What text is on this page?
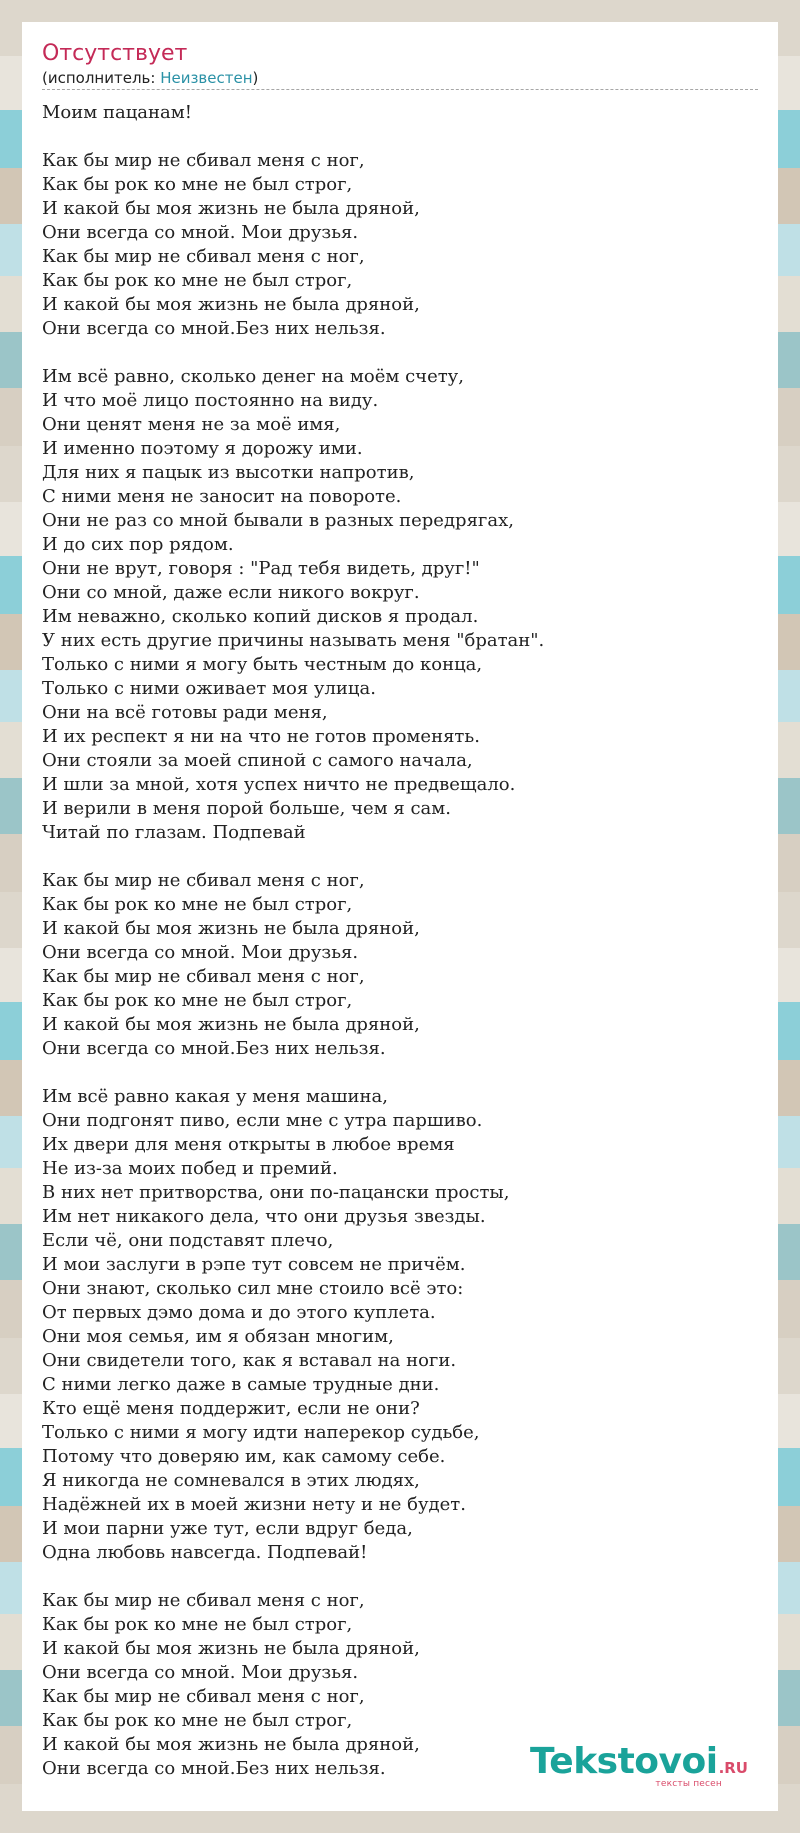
Отсутствует
(исполнитель: Неизвестен)
Моим пацанам!
Как бы мир не сбивал меня с ног,
Как бы рок ко мне не был строг,
И какой бы моя жизнь не была дряной,
Они всегда со мной. Мои друзья.
Как бы мир не сбивал меня с ног,
Как бы рок ко мне не был строг,
И какой бы моя жизнь не была дряной,
Они всегда со мной.Без них нельзя.
Им всё равно, сколько денег на моём счету,
И что моё лицо постоянно на виду.
Они ценят меня не за моё имя,
И именно поэтому я дорожу ими.
Для них я пацык из высотки напротив,
С ними меня не заносит на повороте.
Они не раз со мной бывали в разных передрягах,
И до сих пор рядом.
Они не врут, говоря : "Рад тебя видеть, друг!"
Они со мной, даже если никого вокруг.
Им неважно, сколько копий дисков я продал.
У них есть другие причины называть меня "братан".
Только с ними я могу быть честным до конца,
Только с ними оживает моя улица.
Они на всё готовы ради меня,
И их респект я ни на что не готов променять.
Они стояли за моей спиной с самого начала,
И шли за мной, хотя успех ничто не предвещало.
И верили в меня порой больше, чем я сам.
Читай по глазам. Подпевай
Как бы мир не сбивал меня с ног,
Как бы рок ко мне не был строг,
И какой бы моя жизнь не была дряной,
Они всегда со мной. Мои друзья.
Как бы мир не сбивал меня с ног,
Как бы рок ко мне не был строг,
И какой бы моя жизнь не была дряной,
Они всегда со мной.Без них нельзя.
Им всё равно какая у меня машина,
Они подгонят пиво, если мне с утра паршиво.
Их двери для меня открыты в любое время
Не из-за моих побед и премий.
В них нет притворства, они по-пацански просты,
Им нет никакого дела, что они друзья звезды.
Если чё, они подставят плечо,
И мои заслуги в рэпе тут совсем не причём.
Они знают, сколько сил мне стоило всё это:
От первых дэмо дома и до этого куплета.
Они моя семья, им я обязан многим,
Они свидетели того, как я вставал на ноги.
С ними легко даже в самые трудные дни.
Кто ещё меня поддержит, если не они?
Только с ними я могу идти наперекор судьбе,
Потому что доверяю им, как самому себе.
Я никогда не сомневался в этих людях,
Надёжней их в моей жизни нету и не будет.
И мои парни уже тут, если вдруг беда,
Одна любовь навсегда. Подпевай!
Как бы мир не сбивал меня с ног,
Как бы рок ко мне не был строг,
И какой бы моя жизнь не была дряной,
Они всегда со мной. Мои друзья.
Как бы мир не сбивал меня с ног,
Как бы рок ко мне не был строг,
И какой бы моя жизнь не была дряной,
Они всегда со мной.Без них нельзя.	Tekstovoi.RU
тексты песен
